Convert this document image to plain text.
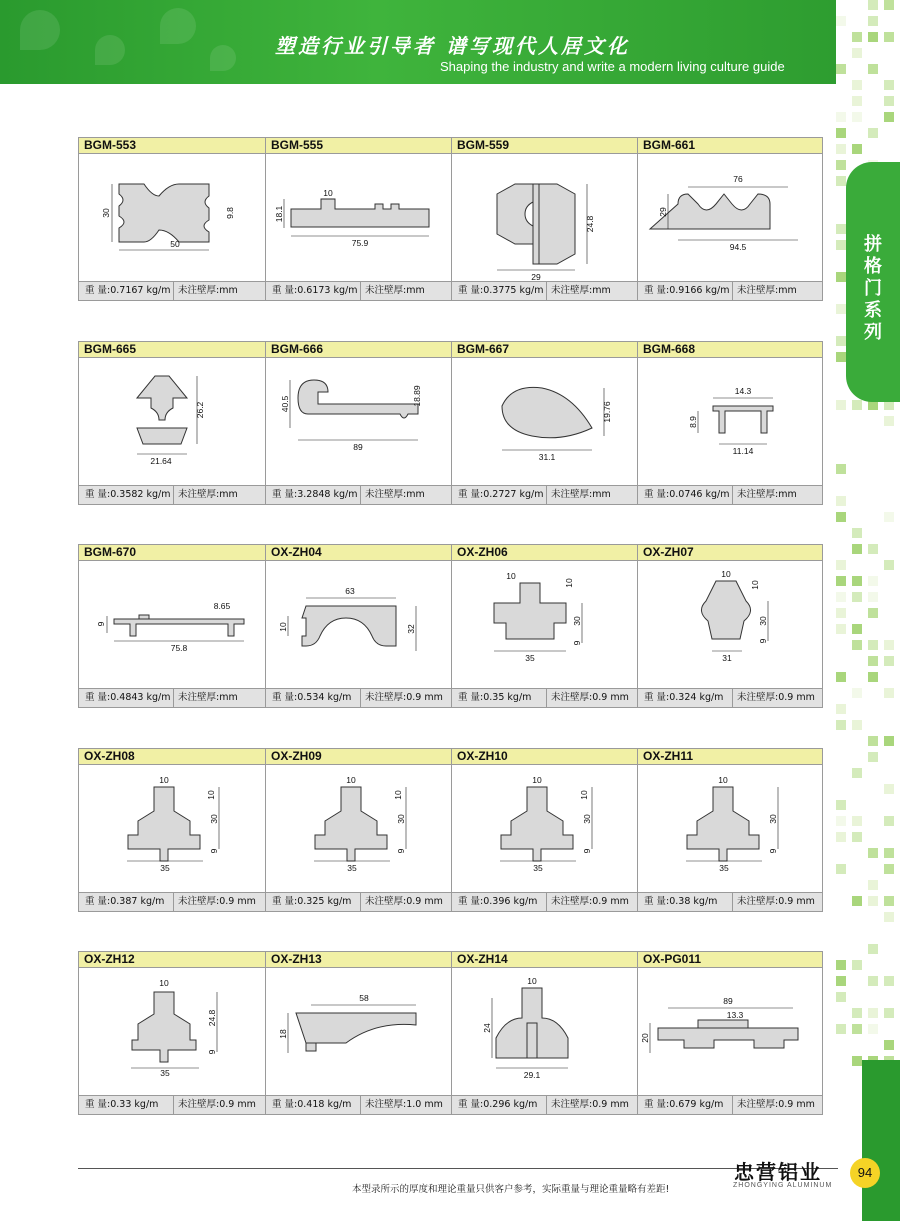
塑造行业引导者 谱写现代人居文化
Shaping the industry and write a modern living culture guide
拼格门系列
BGM-553
30
50
9.8
重 量:0.7167 kg/m 未注壁厚:mm
BGM-555
10
18.1
75.9
重 量:0.6173 kg/m 未注壁厚:mm
BGM-559
24.8
29
重 量:0.3775 kg/m 未注壁厚:mm
BGM-661
76
29
94.5
重 量:0.9166 kg/m 未注壁厚:mm
BGM-665
26.2
21.64
重 量:0.3582 kg/m 未注壁厚:mm
BGM-666
40.5	18.89
89
重 量:3.2848 kg/m 未注壁厚:mm
BGM-667
19.76
31.1
重 量:0.2727 kg/m 未注壁厚:mm
BGM-668
14.3
8.9
11.14
重 量:0.0746 kg/m 未注壁厚:mm
BGM-670
9
8.65
75.8
重 量:0.4843 kg/m 未注壁厚:mm
OX-ZH04
63
10	32
重 量:0.534 kg/m 未注壁厚:0.9 mm
OX-ZH06
10
10
30
9
35
重 量:0.35 kg/m 未注壁厚:0.9 mm
OX-ZH07
10
10
30
9
31
重 量:0.324 kg/m 未注壁厚:0.9 mm
OX-ZH08
10
10
30
9
35
重 量:0.387 kg/m 未注壁厚:0.9 mm
OX-ZH09
10
10
30
9
35
重 量:0.325 kg/m 未注壁厚:0.9 mm
OX-ZH10
10
10
30
9
35
重 量:0.396 kg/m 未注壁厚:0.9 mm
OX-ZH11
10
30
9
35
重 量:0.38 kg/m 未注壁厚:0.9 mm
OX-ZH12
10
24.8
9
35
重 量:0.33 kg/m 未注壁厚:0.9 mm
OX-ZH13
58
18
重 量:0.418 kg/m 未注壁厚:1.0 mm
OX-ZH14
10
24
29.1
重 量:0.296 kg/m 未注壁厚:0.9 mm
OX-PG011
89
13.3
20
重 量:0.679 kg/m 未注壁厚:0.9 mm
忠营铝业
ZHONGYING ALUMINUM
本型录所示的厚度和理论重量只供客户参考，实际重量与理论重量略有差距!
94
